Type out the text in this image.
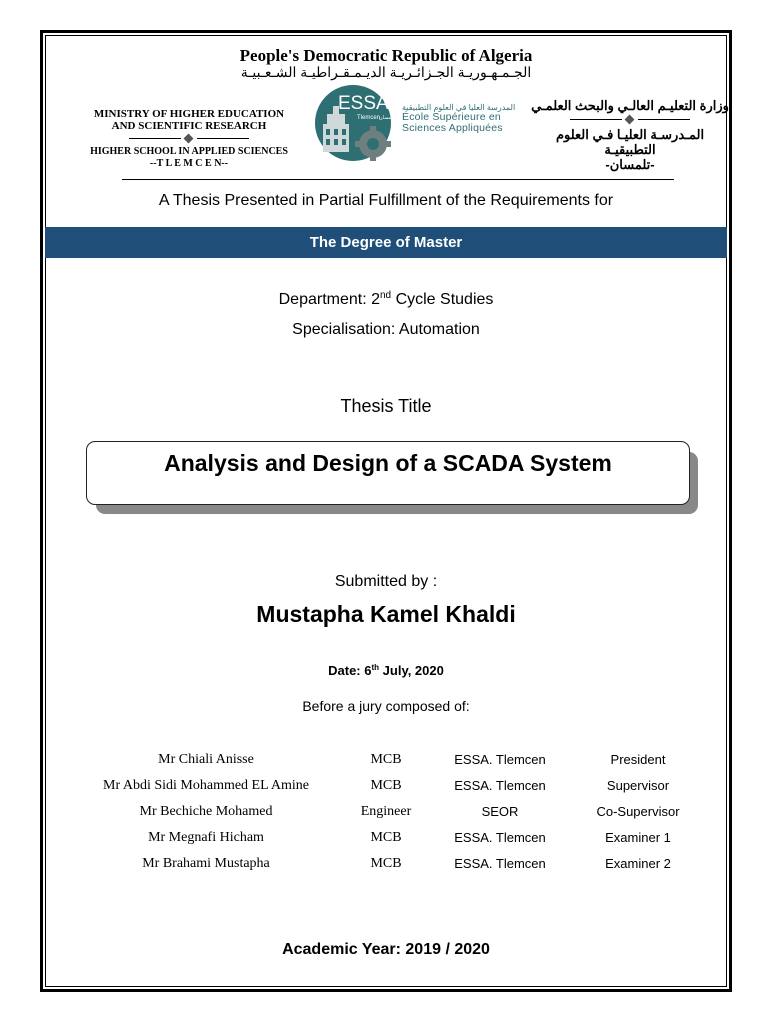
People's Democratic Republic of Algeria
الجـمـهـوريـة الجـزائـريـة الديـمـقـراطيـة الشـعـبيـة
MINISTRY OF HIGHER EDUCATION
AND SCIENTIFIC RESEARCH
HIGHER SCHOOL IN APPLIED SCIENCES
--T L E M C E N--
ESSA
Tlemcen
تلمسان
المدرسة العليا في العلوم التطبيقية
École Supérieure en
Sciences Appliquées
وزارة التعليـم العالـي والبحث العلمـي
المـدرسـة العليـا فـي العلوم التطبيقيـة
-تلمسان-
A Thesis Presented in Partial Fulfillment of the Requirements for
The Degree of Master
Department: 2nd Cycle Studies
Specialisation: Automation
Thesis Title
Analysis and Design of a SCADA System
Submitted by :
Mustapha Kamel Khaldi
Date: 6th July, 2020
Before a jury composed of:
Mr Chiali Anisse	MCB	ESSA. Tlemcen	President
Mr Abdi Sidi Mohammed EL Amine	MCB	ESSA. Tlemcen	Supervisor
Mr Bechiche Mohamed	Engineer	SEOR	Co-Supervisor
Mr Megnafi Hicham	MCB	ESSA. Tlemcen	Examiner 1
Mr Brahami Mustapha	MCB	ESSA. Tlemcen	Examiner 2
Academic Year: 2019 / 2020
